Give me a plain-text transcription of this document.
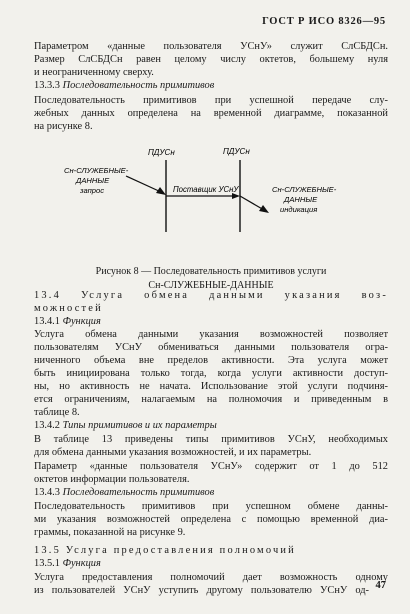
ГОСТ Р ИСО 8326—95
Параметром «данные пользователя УСнУ» служит СлСБДСн.
Размер СлСБДСн равен целому числу октетов, большему нуля
и неограниченному сверху.
13.3.3 Последовательность примитивов
Последовательность примитивов при успешной передаче слу-
жебных данных определена на временной диаграмме, показанной
на рисунке 8.
ПДУСн	ПДУСн
Сн-СЛУЖЕБНЫЕ-
ДАННЫЕ
запрос	Поставщик УСнУ	Сн-СЛУЖЕБНЫЕ-
ДАННЫЕ
индикация
Рисунок 8 — Последовательность примитивов услуги
Сн-СЛУЖЕБНЫЕ-ДАННЫЕ
13.4 Услуга обмена данными указания воз-
можностей
13.4.1 Функция
Услуга обмена данными указания возможностей позволяет
пользователям УСнУ обмениваться данными пользователя огра-
ниченного объема вне пределов активности. Эта услуга может
быть инициирована только тогда, когда услуги активности доступ-
ны, но активность не начата. Использование этой услуги подчиня-
ется ограничениям, налагаемым на полномочия и приведенным в
таблице 8.
13.4.2 Типы примитивов и их параметры
В таблице 13 приведены типы примитивов УСнУ, необходимых
для обмена данными указания возможностей, и их параметры.
Параметр «данные пользователя УСнУ» содержит от 1 до 512
октетов информации пользователя.
13.4.3 Последовательность примитивов
Последовательность примитивов при успешном обмене данны-
ми указания возможностей определена с помощью временной диа-
граммы, показанной на рисунке 9.
13.5 Услуга предоставления полномочий
13.5.1 Функция
Услуга предоставления полномочий дает возможность одному
из пользователей УСнУ уступить другому пользователю УСнУ од- 47
